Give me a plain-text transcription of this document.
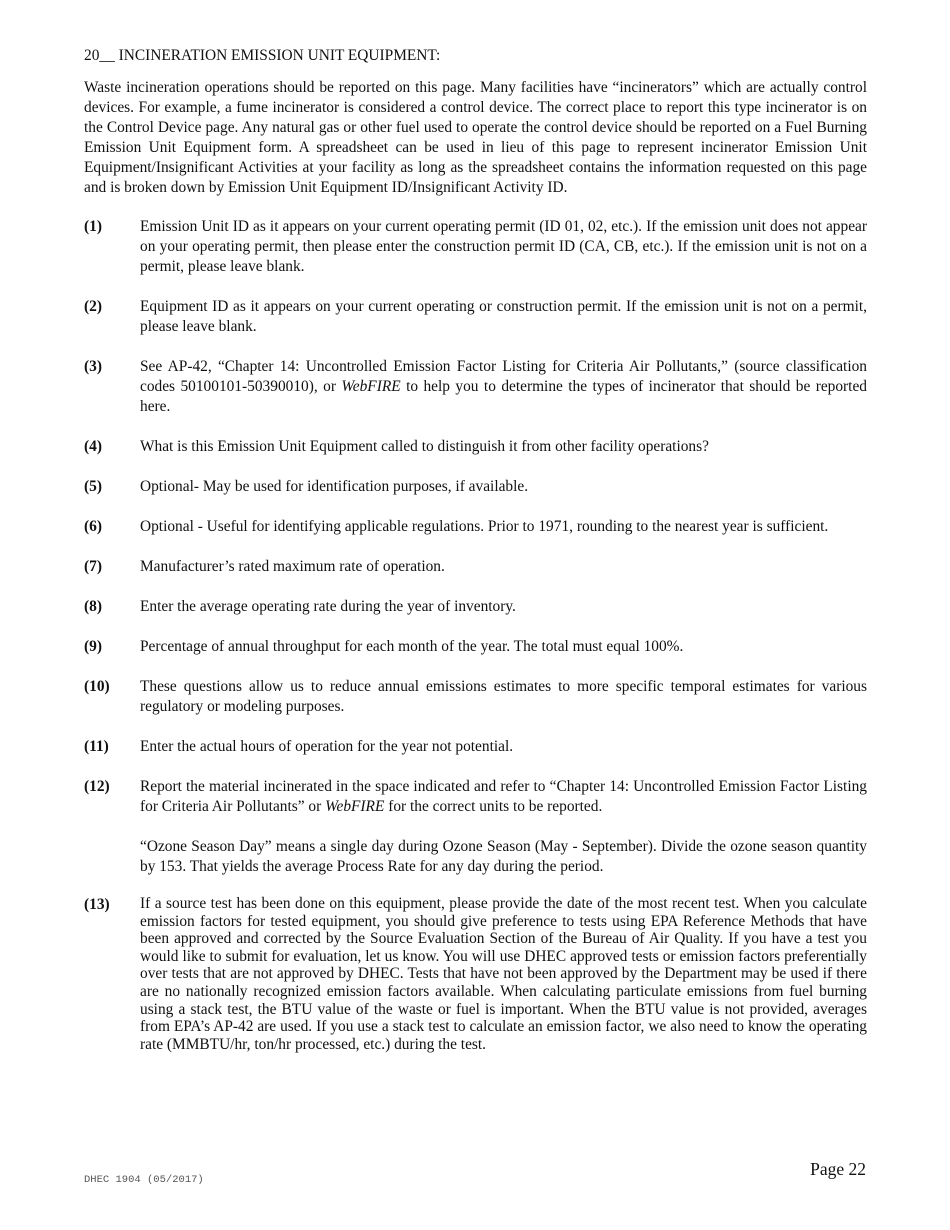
20__ INCINERATION EMISSION UNIT EQUIPMENT:

Waste incineration operations should be reported on this page. Many facilities have “incinerators” which are actually control devices. For example, a fume incinerator is considered a control device. The correct place to report this type incinerator is on the Control Device page. Any natural gas or other fuel used to operate the control device should be reported on a Fuel Burning Emission Unit Equipment form. A spreadsheet can be used in lieu of this page to represent incinerator Emission Unit Equipment/Insignificant Activities at your facility as long as the spreadsheet contains the information requested on this page and is broken down by Emission Unit Equipment ID/Insignificant Activity ID.

(1)	Emission Unit ID as it appears on your current operating permit (ID 01, 02, etc.). If the emission unit does not appear on your operating permit, then please enter the construction permit ID (CA, CB, etc.). If the emission unit is not on a permit, please leave blank.
(2)	Equipment ID as it appears on your current operating or construction permit. If the emission unit is not on a permit, please leave blank.
(3)	See AP-42, “Chapter 14: Uncontrolled Emission Factor Listing for Criteria Air Pollutants,” (source classification codes 50100101-50390010), or WebFIRE to help you to determine the types of incinerator that should be reported here.
(4)	What is this Emission Unit Equipment called to distinguish it from other facility operations?
(5)	Optional- May be used for identification purposes, if available.
(6)	Optional - Useful for identifying applicable regulations. Prior to 1971, rounding to the nearest year is sufficient.
(7)	Manufacturer’s rated maximum rate of operation.
(8)	Enter the average operating rate during the year of inventory.
(9)	Percentage of annual throughput for each month of the year. The total must equal 100%.
(10)	These questions allow us to reduce annual emissions estimates to more specific temporal estimates for various regulatory or modeling purposes.
(11)	Enter the actual hours of operation for the year not potential.
(12)	Report the material incinerated in the space indicated and refer to “Chapter 14: Uncontrolled Emission Factor Listing for Criteria Air Pollutants” or WebFIRE for the correct units to be reported.

“Ozone Season Day” means a single day during Ozone Season (May - September). Divide the ozone season quantity by 153. That yields the average Process Rate for any day during the period.

(13)	If a source test has been done on this equipment, please provide the date of the most recent test. When you calculate emission factors for tested equipment, you should give preference to tests using EPA Reference Methods that have been approved and corrected by the Source Evaluation Section of the Bureau of Air Quality. If you have a test you would like to submit for evaluation, let us know. You will use DHEC approved tests or emission factors preferentially over tests that are not approved by DHEC. Tests that have not been approved by the Department may be used if there are no nationally recognized emission factors available. When calculating particulate emissions from fuel burning using a stack test, the BTU value of the waste or fuel is important. When the BTU value is not provided, averages from EPA’s AP-42 are used. If you use a stack test to calculate an emission factor, we also need to know the operating rate (MMBTU/hr, ton/hr processed, etc.) during the test.
DHEC 1904 (05/2017)
Page 22
